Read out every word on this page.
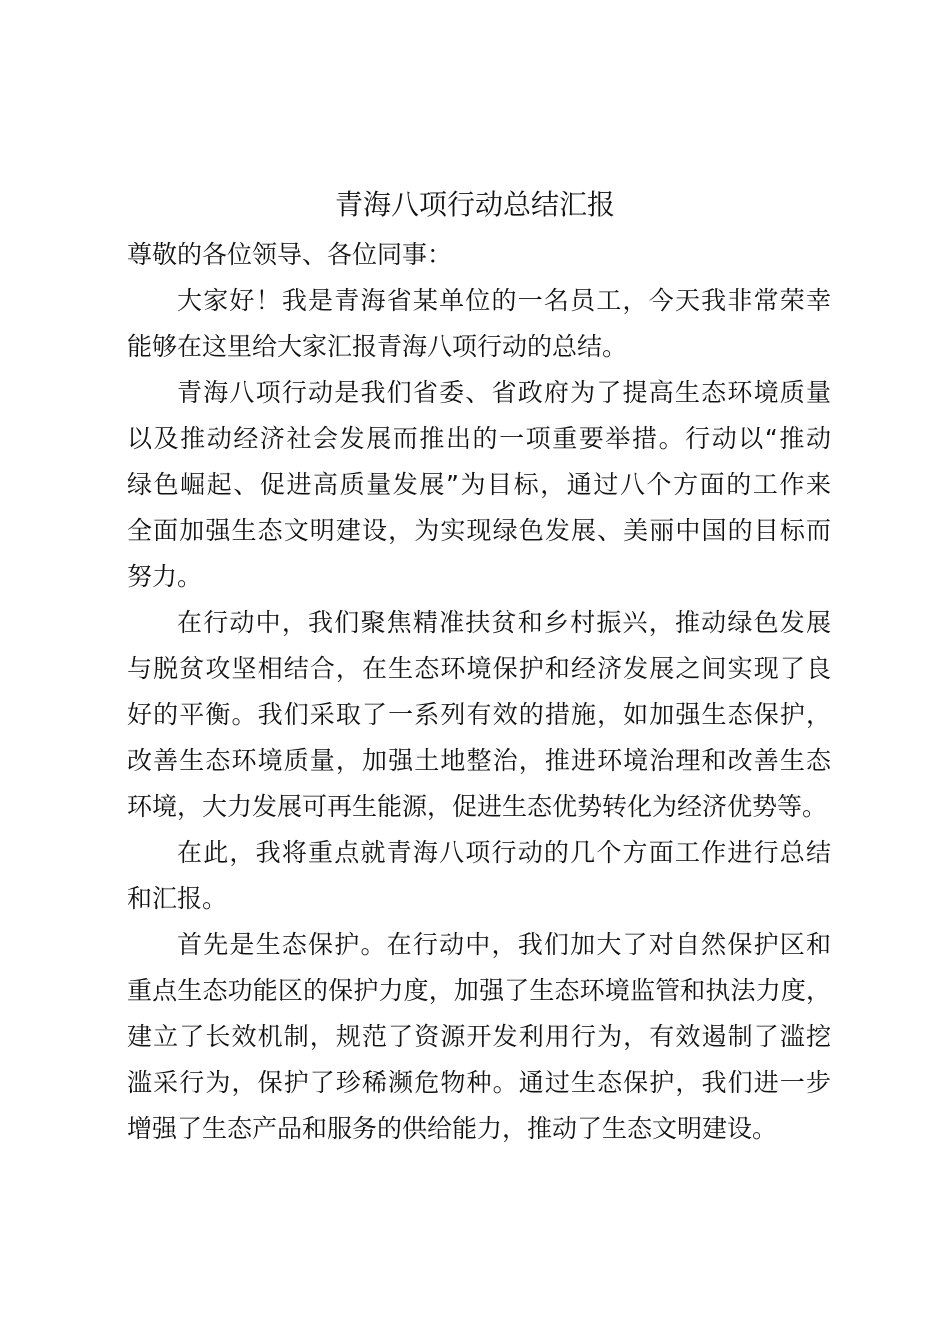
青海八项行动总结汇报

尊敬的各位领导、各位同事：

大家好！我是青海省某单位的一名员工，今天我非常荣幸
能够在这里给大家汇报青海八项行动的总结。

青海八项行动是我们省委、省政府为了提高生态环境质量
以及推动经济社会发展而推出的一项重要举措。行动以“推动
绿色崛起、促进高质量发展”为目标，通过八个方面的工作来
全面加强生态文明建设，为实现绿色发展、美丽中国的目标而
努力。

在行动中，我们聚焦精准扶贫和乡村振兴，推动绿色发展
与脱贫攻坚相结合，在生态环境保护和经济发展之间实现了良
好的平衡。我们采取了一系列有效的措施，如加强生态保护，
改善生态环境质量，加强土地整治，推进环境治理和改善生态
环境，大力发展可再生能源，促进生态优势转化为经济优势等。

在此，我将重点就青海八项行动的几个方面工作进行总结
和汇报。

首先是生态保护。在行动中，我们加大了对自然保护区和
重点生态功能区的保护力度，加强了生态环境监管和执法力度，
建立了长效机制，规范了资源开发利用行为，有效遏制了滥挖
滥采行为，保护了珍稀濒危物种。通过生态保护，我们进一步
增强了生态产品和服务的供给能力，推动了生态文明建设。
